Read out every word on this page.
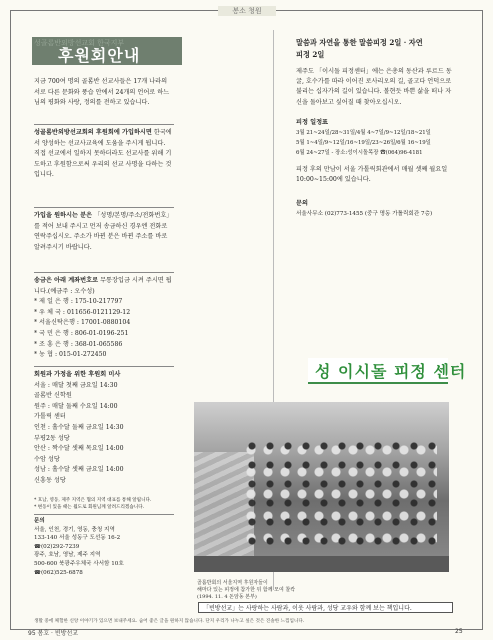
봉소 청원
성골롬반외방선교회 한국지부
후원회안내

지금 700여 명의 골롬반 선교사들은 17개 나라의 서로 다른 문화와 풍습 안에서 24개의 언어로 하느님의 평화와 사랑, 정의를 전하고 있습니다.

성골롬반외방선교회의 후원회에 가입하시면 한국에서 양성하는 선교사교육에 도움을 주시게 됩니다.

직접 선교에서 일하지 못하더라도 선교사를 위해 기도하고 후원함으로써 우리의 선교 사명을 다하는 것입니다.

가입을 원하시는 분은 「성명/본명/주소/전화번호」를 적어 보내 주시고 먼저 송금하신 경우엔 전화로 연락주십시오. 주소가 바뀐 분은 바뀐 주소를 바로 알려주시기 바랍니다.

송금은 아래 계좌번호로 무통장입금 시켜 주시면 됩니다.(예금주 : 오수성)

* 제 일 은 행 : 175-10-217797
* 우 체 국 : 011656-0121129-12
* 서울신탁은행 : 17001-0880104
* 국 민 은 행 : 806-01-0196-251
* 조 흥 은 행 : 368-01-065586
* 농 협 : 015-01-272450

회원과 가정을 위한 후원회 미사

서울 : 매달 첫째 금요일 14:30
골롬반 신학원
원주 : 매달 둘째 수요일 14:00
가톨릭 센터
인천 : 홀수달 둘째 금요일 14:30
부평2동 성당
안산 : 짝수달 셋째 목요일 14:00
수암 성당
성남 : 홀수달 셋째 금요일 14:00
신흥동 성당

* 호남, 영동, 제주 지역은 협의 지역 대표를 통해 알립니다.

* 변동이 있을 때는 월도로 회원님께 알려드리겠습니다.

문의

서울, 인천, 경기, 영동, 충청 지역
133-140 서울 성동구 도선동 16-2
☎(02)292-7239
광주, 호남, 영남, 제주 지역
500-600 북광주우체국 사서함 10호
☎(062)525-6878

말씀과 자연을 통한 말씀피정 2일 · 자연

피정 2일

제주도 「이시돌 피정센터」에는 은총의 동산과 루르드 동굴, 호수가를 따라 이어진 로사리오의 길, 골고다 언덕으로 불리는 십자가의 길이 있습니다. 볼현듯 바쁜 삶을 떠나 자신을 돌아보고 싶어질 때 찾아오십시오.

피정 일정표

3월 21~24일/28~31일/4월 4~7일/9~12일/18~21일
5월 1~4일/9~12일/16~19일/23~26일/6월 16~19일
6월 24~27일 - 장소:성이시돌목장 ☎(064)96-4181

피정 후의 만남이 서울 가톨릭회관에서 매월 셋째 월요일 10:00~15:00에 있습니다.

문의

서울사무소 (02)773-1455 (중구 명동 가톨릭회관 7층)

성 이시돌 피정 센터

골롬반회의 서울지역 후원자들이

해마다 있는 피정에 참가한 뒤 함께 모여 찰칵

(1994. 11. 4 돈암동 본부)

「빈방선교」는 사랑하는 사람과, 이웃 사람과, 성당 교우와 함께 보는 책입니다.
생활 중에 체험한 신앙 이야기가 있으면 보내주세요. 숨어 좋은 글을 원하지 않습니다. 단지 우리가 나누고 싶은 것은 진솔한 느낌입니다.
95 봄호 · 빈방선교	25
